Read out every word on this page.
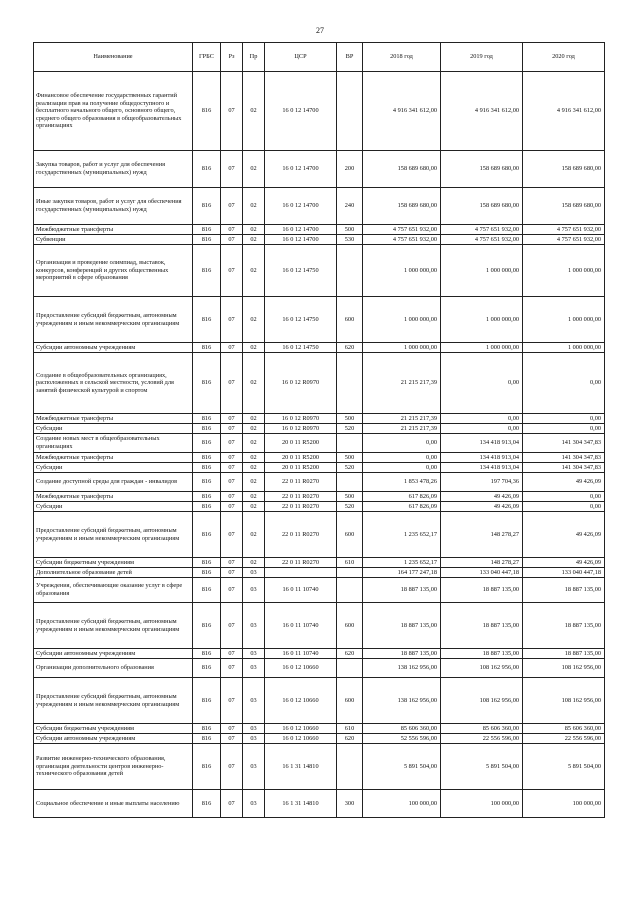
27
Наименование	ГРБС	Рз	Пр	ЦСР	ВР	2018 год	2019 год	2020 год
Финансовое обеспечение государственных гарантий реализации прав на получение общедоступного и бесплатного начального общего, основного общего, среднего общего образования в общеобразовательных организациях	816	07	02	16 0 12 14700		4 916 341 612,00	4 916 341 612,00	4 916 341 612,00
Закупка товаров, работ и услуг для обеспечения государственных (муниципальных) нужд	816	07	02	16 0 12 14700	200	158 689 680,00	158 689 680,00	158 689 680,00
Иные закупки товаров, работ и услуг для обеспечения государственных (муниципальных) нужд	816	07	02	16 0 12 14700	240	158 689 680,00	158 689 680,00	158 689 680,00
Межбюджетные трансферты	816	07	02	16 0 12 14700	500	4 757 651 932,00	4 757 651 932,00	4 757 651 932,00
Субвенции	816	07	02	16 0 12 14700	530	4 757 651 932,00	4 757 651 932,00	4 757 651 932,00
Организация и проведение олимпиад, выставок, конкурсов, конференций и других общественных мероприятий в сфере образования	816	07	02	16 0 12 14750		1 000 000,00	1 000 000,00	1 000 000,00
Предоставление субсидий бюджетным, автономным учреждениям и иным некоммерческим организациям	816	07	02	16 0 12 14750	600	1 000 000,00	1 000 000,00	1 000 000,00
Субсидии автономным учреждениям	816	07	02	16 0 12 14750	620	1 000 000,00	1 000 000,00	1 000 000,00
Создание в общеобразовательных организациях, расположенных в сельской местности, условий для занятий физической культурой и спортом	816	07	02	16 0 12 R0970		21 215 217,39	0,00	0,00
Межбюджетные трансферты	816	07	02	16 0 12 R0970	500	21 215 217,39	0,00	0,00
Субсидии	816	07	02	16 0 12 R0970	520	21 215 217,39	0,00	0,00
Создание новых мест в общеобразовательных организациях	816	07	02	20 0 11 R5200		0,00	134 418 913,04	141 304 347,83
Межбюджетные трансферты	816	07	02	20 0 11 R5200	500	0,00	134 418 913,04	141 304 347,83
Субсидии	816	07	02	20 0 11 R5200	520	0,00	134 418 913,04	141 304 347,83
Создание доступной среды для граждан - инвалидов	816	07	02	22 0 11 R0270		1 853 478,26	197 704,36	49 426,09
Межбюджетные трансферты	816	07	02	22 0 11 R0270	500	617 826,09	49 426,09	0,00
Субсидии	816	07	02	22 0 11 R0270	520	617 826,09	49 426,09	0,00
Предоставление субсидий бюджетным, автономным учреждениям и иным некоммерческим организациям	816	07	02	22 0 11 R0270	600	1 235 652,17	148 278,27	49 426,09
Субсидии бюджетным учреждениям	816	07	02	22 0 11 R0270	610	1 235 652,17	148 278,27	49 426,09
Дополнительное образование детей	816	07	03			164 177 247,18	133 040 447,18	133 040 447,18
Учреждения, обеспечивающие оказание услуг в сфере образования	816	07	03	16 0 11 10740		18 887 135,00	18 887 135,00	18 887 135,00
Предоставление субсидий бюджетным, автономным учреждениям и иным некоммерческим организациям	816	07	03	16 0 11 10740	600	18 887 135,00	18 887 135,00	18 887 135,00
Субсидии автономным учреждениям	816	07	03	16 0 11 10740	620	18 887 135,00	18 887 135,00	18 887 135,00
Организации дополнительного образования	816	07	03	16 0 12 10660		138 162 956,00	108 162 956,00	108 162 956,00
Предоставление субсидий бюджетным, автономным учреждениям и иным некоммерческим организациям	816	07	03	16 0 12 10660	600	138 162 956,00	108 162 956,00	108 162 956,00
Субсидии бюджетным учреждениям	816	07	03	16 0 12 10660	610	85 606 360,00	85 606 360,00	85 606 360,00
Субсидии автономным учреждениям	816	07	03	16 0 12 10660	620	52 556 596,00	22 556 596,00	22 556 596,00
Развитие инженерно-технического образования, организация деятельности центров инженерно-технического образования детей	816	07	03	16 1 31 14810		5 891 504,00	5 891 504,00	5 891 504,00
Социальное обеспечение и иные выплаты населению	816	07	03	16 1 31 14810	300	100 000,00	100 000,00	100 000,00
